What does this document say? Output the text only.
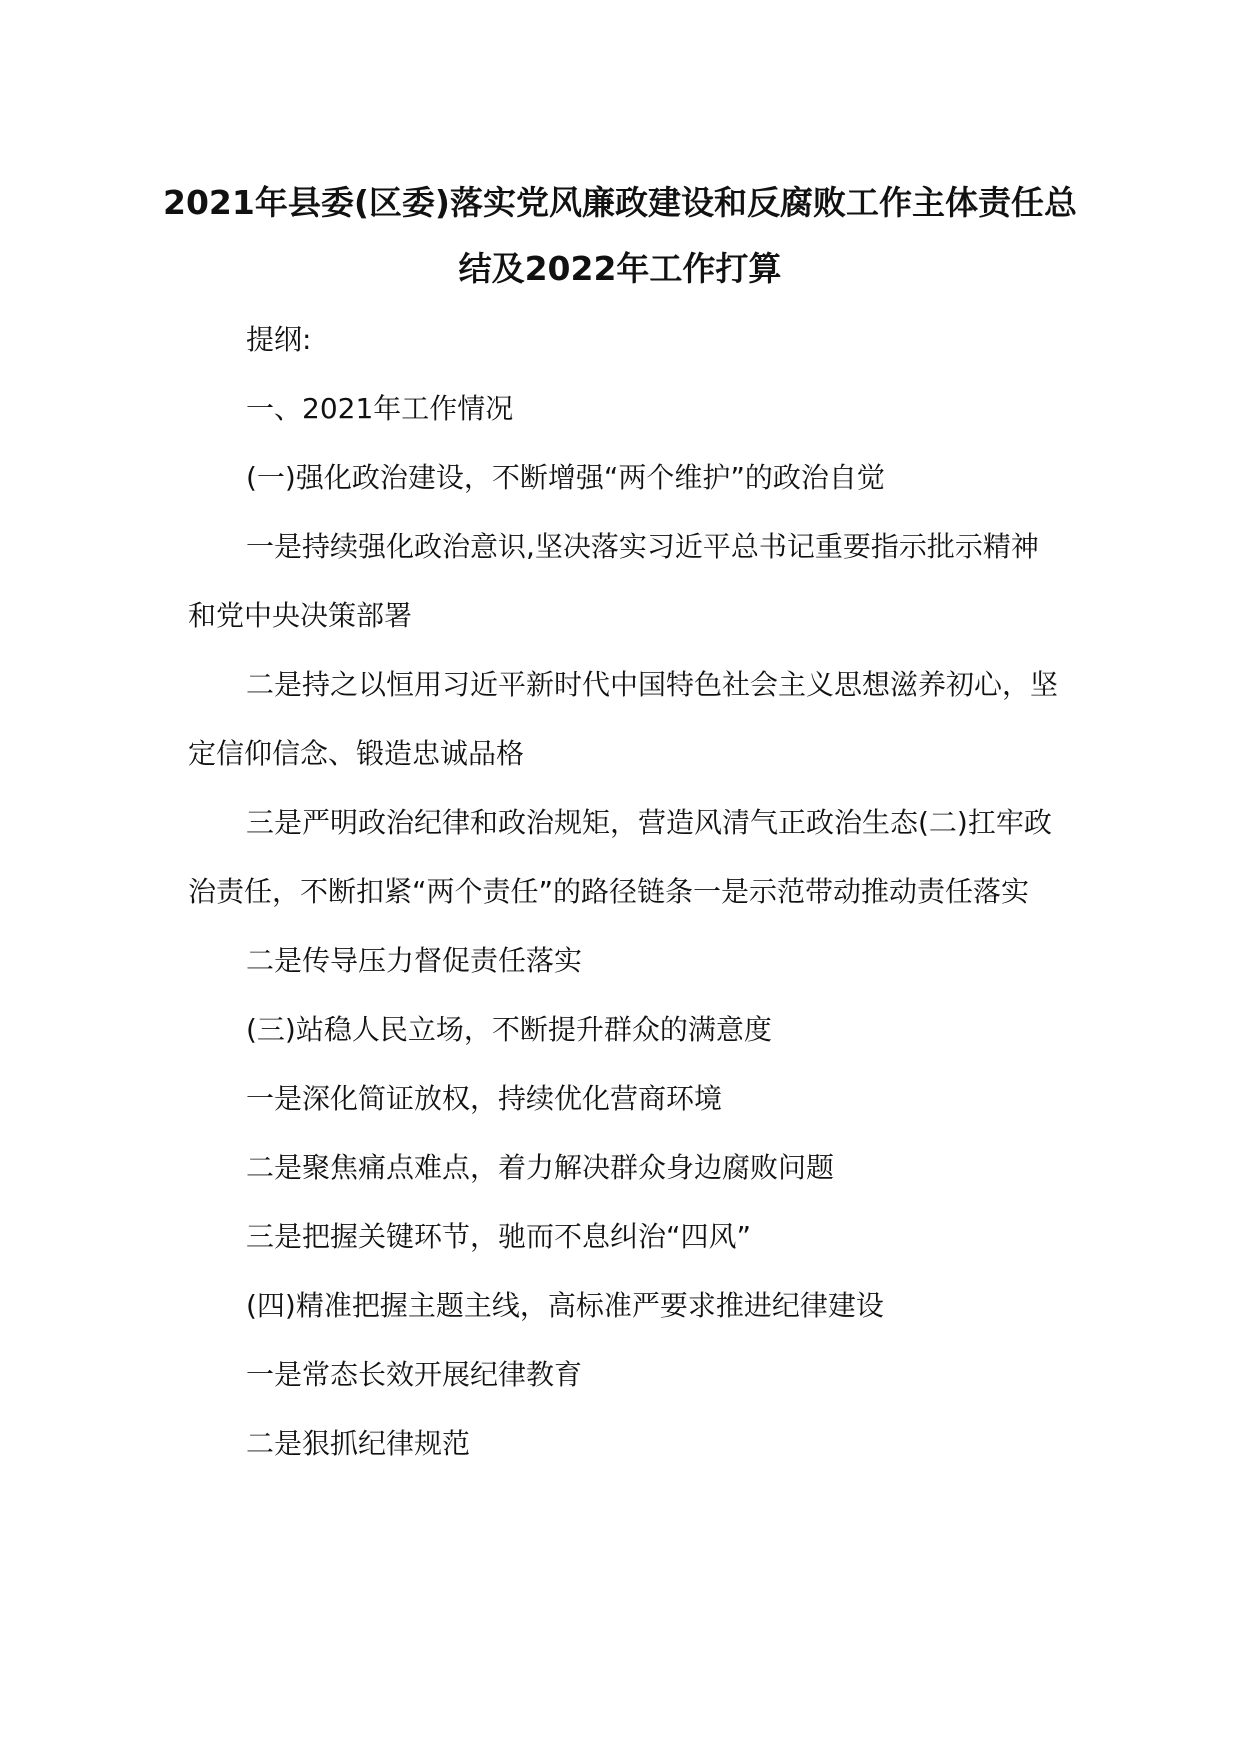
2021年县委(区委)落实党风廉政建设和反腐败工作主体责任总结及2022年工作打算

提纲:

一、2021年工作情况

(一)强化政治建设，不断增强“两个维护”的政治自觉

一是持续强化政治意识,坚决落实习近平总书记重要指示批示精神和党中央决策部署

二是持之以恒用习近平新时代中国特色社会主义思想滋养初心，坚定信仰信念、锻造忠诚品格

三是严明政治纪律和政治规矩，营造风清气正政治生态(二)扛牢政治责任，不断扣紧“两个责任”的路径链条一是示范带动推动责任落实

二是传导压力督促责任落实

(三)站稳人民立场，不断提升群众的满意度

一是深化简证放权，持续优化营商环境

二是聚焦痛点难点，着力解决群众身边腐败问题

三是把握关键环节，驰而不息纠治“四风”

(四)精准把握主题主线，高标准严要求推进纪律建设

一是常态长效开展纪律教育

二是狠抓纪律规范
